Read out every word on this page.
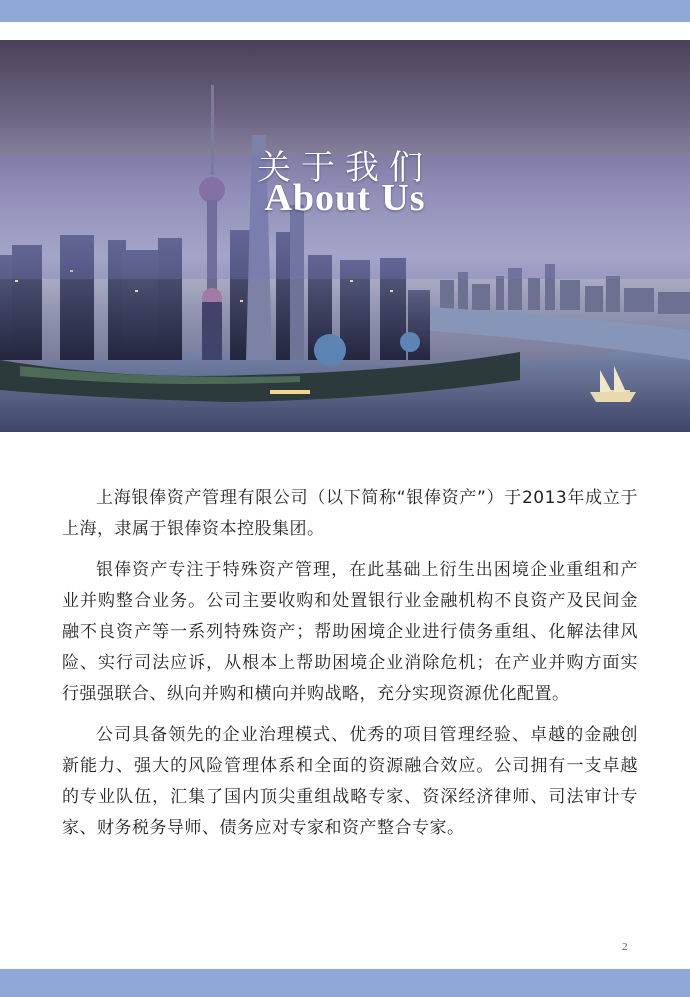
关于我们
About Us

上海银俸资产管理有限公司（以下简称“银俸资产”）于2013年成立于上海，隶属于银俸资本控股集团。

银俸资产专注于特殊资产管理，在此基础上衍生出困境企业重组和产业并购整合业务。公司主要收购和处置银行业金融机构不良资产及民间金融不良资产等一系列特殊资产；帮助困境企业进行债务重组、化解法律风险、实行司法应诉，从根本上帮助困境企业消除危机；在产业并购方面实行强强联合、纵向并购和横向并购战略，充分实现资源优化配置。

公司具备领先的企业治理模式、优秀的项目管理经验、卓越的金融创新能力、强大的风险管理体系和全面的资源融合效应。公司拥有一支卓越的专业队伍，汇集了国内顶尖重组战略专家、资深经济律师、司法审计专家、财务税务导师、债务应对专家和资产整合专家。

2
